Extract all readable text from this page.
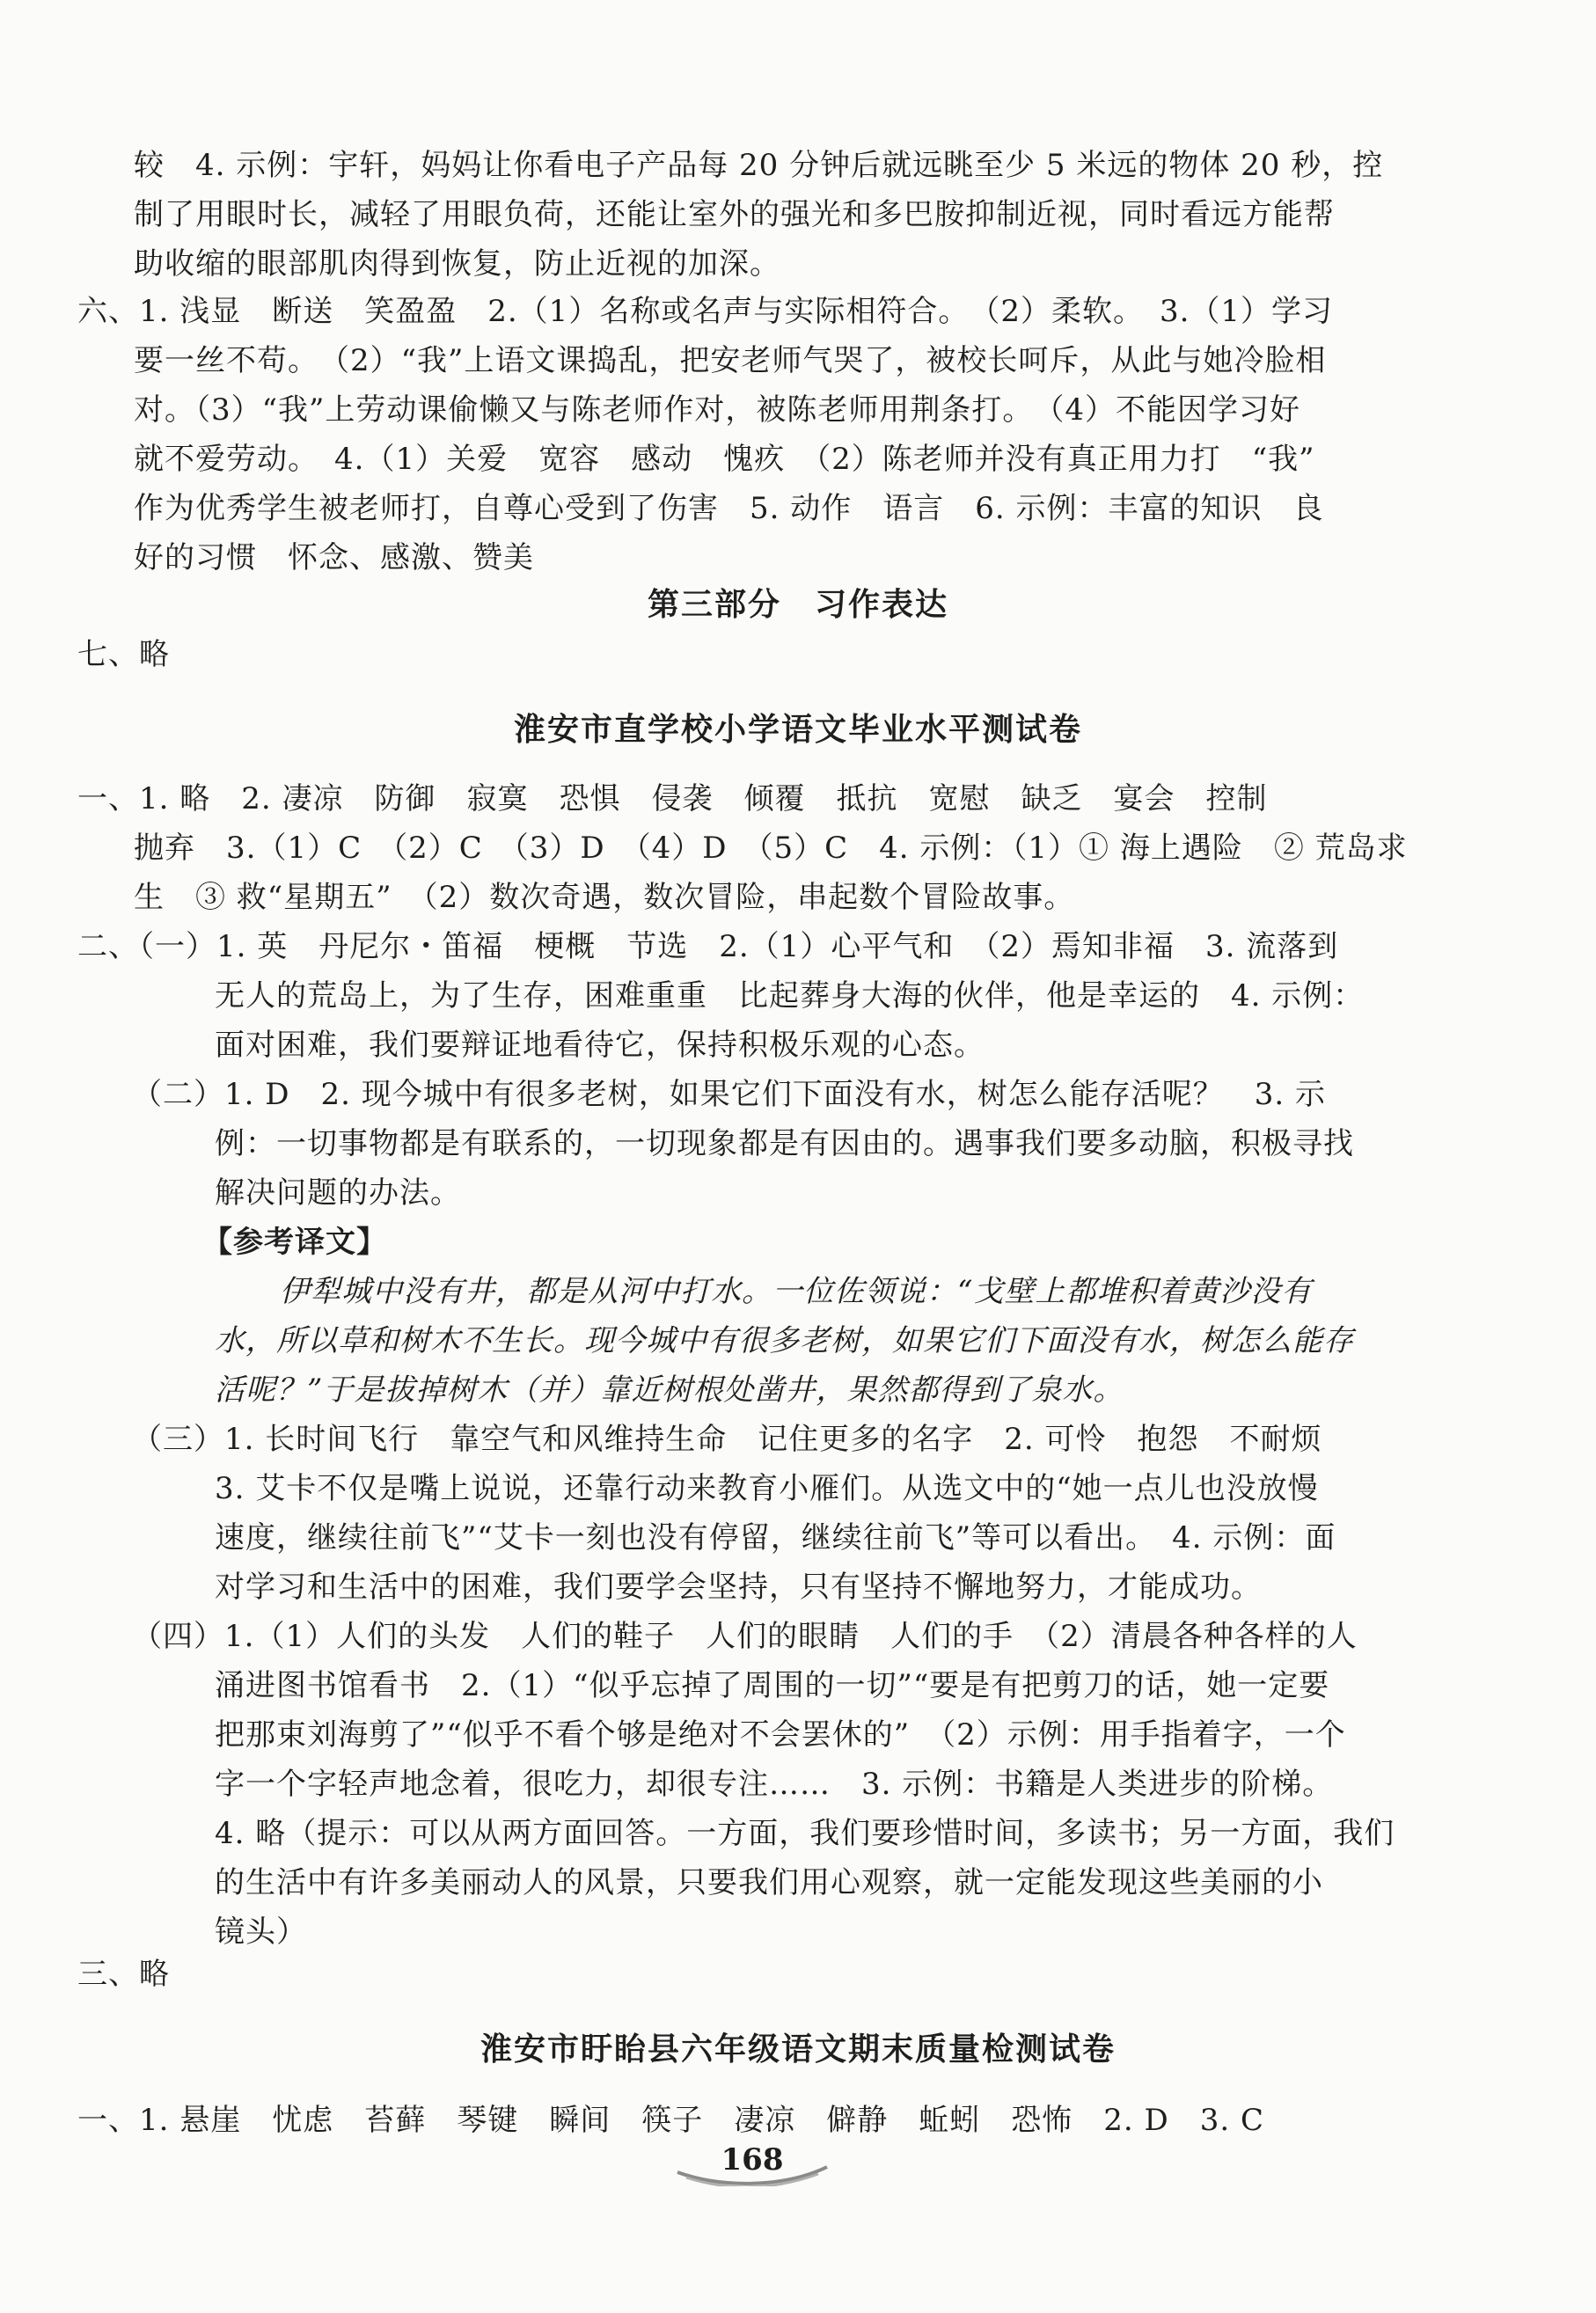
较　4. 示例：宇轩，妈妈让你看电子产品每 20 分钟后就远眺至少 5 米远的物体 20 秒，控

制了用眼时长，减轻了用眼负荷，还能让室外的强光和多巴胺抑制近视，同时看远方能帮

助收缩的眼部肌肉得到恢复，防止近视的加深。

六、1. 浅显　断送　笑盈盈　2.（1）名称或名声与实际相符合。　（2）柔软。　3.（1）学习

要一丝不苟。　（2）“我”上语文课捣乱，把安老师气哭了，被校长呵斥，从此与她冷脸相

对。（3）“我”上劳动课偷懒又与陈老师作对，被陈老师用荆条打。　（4）不能因学习好

就不爱劳动。　4.（1）关爱　宽容　感动　愧疚　（2）陈老师并没有真正用力打　“我”

作为优秀学生被老师打，自尊心受到了伤害　5. 动作　语言　6. 示例：丰富的知识　良

好的习惯　怀念、感激、赞美

第三部分　习作表达

七、略

淮安市直学校小学语文毕业水平测试卷

一、1. 略　2. 凄凉　防御　寂寞　恐惧　侵袭　倾覆　抵抗　宽慰　缺乏　宴会　控制

抛弃　3.（1）C　（2）C　（3）D　（4）D　（5）C　4. 示例：（1）① 海上遇险　② 荒岛求

生　③ 救“星期五”　（2）数次奇遇，数次冒险，串起数个冒险故事。

二、（一）1. 英　丹尼尔・笛福　梗概　节选　2.（1）心平气和　（2）焉知非福　3. 流落到

无人的荒岛上，为了生存，困难重重　比起葬身大海的伙伴，他是幸运的　4. 示例：

面对困难，我们要辩证地看待它，保持积极乐观的心态。

（二）1. D　2. 现今城中有很多老树，如果它们下面没有水，树怎么能存活呢？　3. 示

例：一切事物都是有联系的，一切现象都是有因由的。遇事我们要多动脑，积极寻找

解决问题的办法。

【参考译文】

伊犁城中没有井，都是从河中打水。一位佐领说：“戈壁上都堆积着黄沙没有

水，所以草和树木不生长。现今城中有很多老树，如果它们下面没有水，树怎么能存

活呢？”于是拔掉树木（并）靠近树根处凿井，果然都得到了泉水。

（三）1. 长时间飞行　靠空气和风维持生命　记住更多的名字　2. 可怜　抱怨　不耐烦

3. 艾卡不仅是嘴上说说，还靠行动来教育小雁们。从选文中的“她一点儿也没放慢

速度，继续往前飞”“艾卡一刻也没有停留，继续往前飞”等可以看出。　4. 示例：面

对学习和生活中的困难，我们要学会坚持，只有坚持不懈地努力，才能成功。

（四）1.（1）人们的头发　人们的鞋子　人们的眼睛　人们的手　（2）清晨各种各样的人

涌进图书馆看书　2.（1）“似乎忘掉了周围的一切”“要是有把剪刀的话，她一定要

把那束刘海剪了”“似乎不看个够是绝对不会罢休的”　（2）示例：用手指着字，一个

字一个字轻声地念着，很吃力，却很专注……　3. 示例：书籍是人类进步的阶梯。

4. 略（提示：可以从两方面回答。一方面，我们要珍惜时间，多读书；另一方面，我们

的生活中有许多美丽动人的风景，只要我们用心观察，就一定能发现这些美丽的小

镜头）

三、略

淮安市盱眙县六年级语文期末质量检测试卷

一、1. 悬崖　忧虑　苔藓　琴键　瞬间　筷子　凄凉　僻静　蚯蚓　恐怖　2. D　3. C

168
